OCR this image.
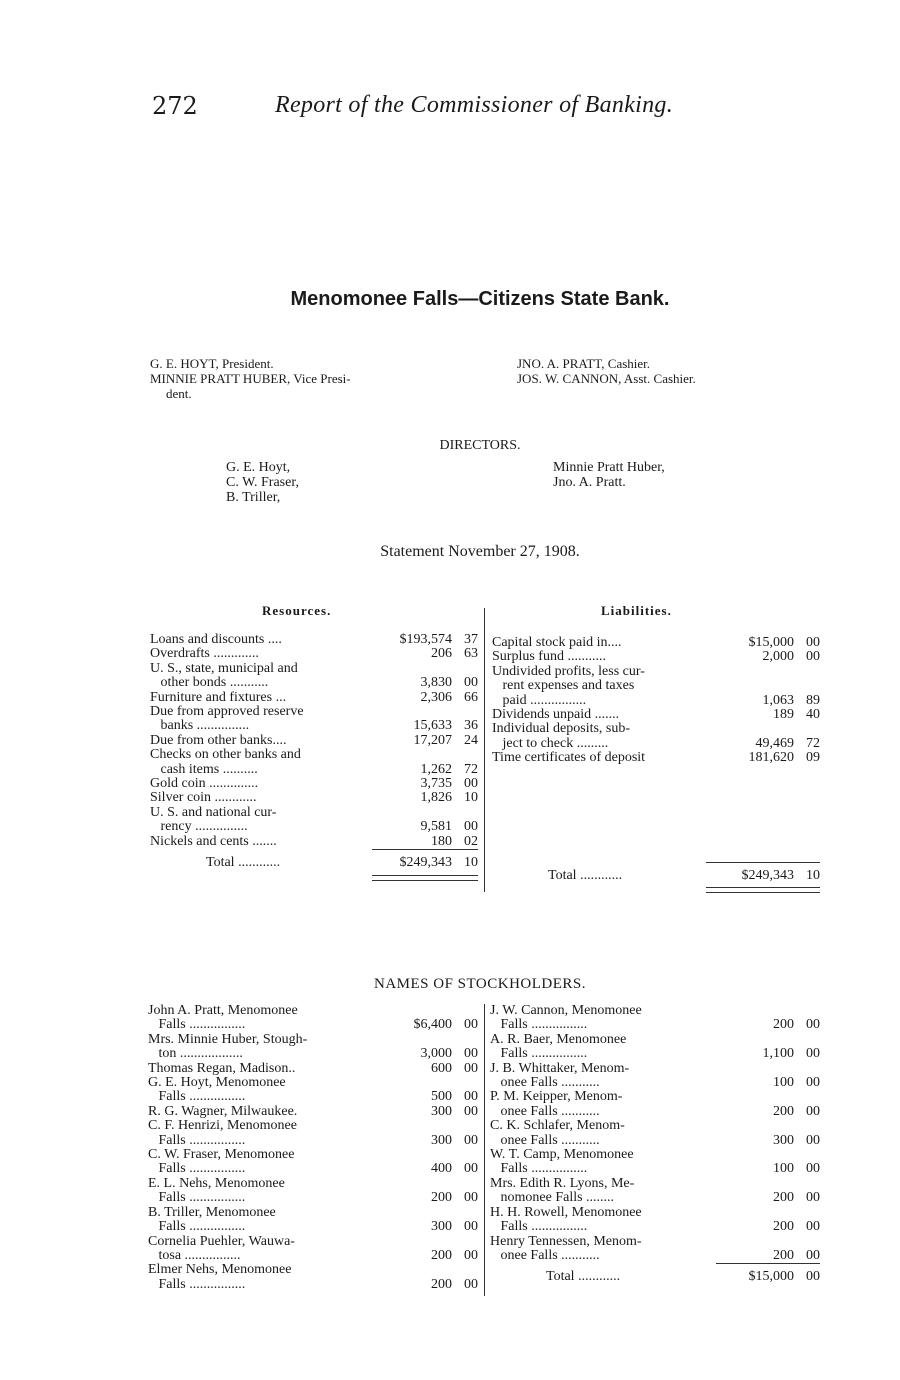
272	Report of the Commissioner of Banking.
Menomonee Falls—Citizens State Bank.
G. E. HOYT, President.
MINNIE PRATT HUBER, Vice Presi-
dent.
JNO. A. PRATT, Cashier.
JOS. W. CANNON, Asst. Cashier.
DIRECTORS.
G. E. Hoyt,
C. W. Fraser,
B. Triller,
Minnie Pratt Huber,
Jno. A. Pratt.
Statement November 27, 1908.
Resources.	Liabilities.
Loans and discounts ....	$193,574	37
Overdrafts .............	206	63
U. S., state, municipal and		
other bonds ...........	3,830	00
Furniture and fixtures ...	2,306	66
Due from approved reserve		
banks ...............	15,633	36
Due from other banks....	17,207	24
Checks on other banks and		
cash items ..........	1,262	72
Gold coin ..............	3,735	00
Silver coin ............	1,826	10
U. S. and national cur-		
rency ...............	9,581	00
Nickels and cents .......	180	02
Total ............	$249,343	10

Capital stock paid in....	$15,000	00
Surplus fund ...........	2,000	00
Undivided profits, less cur-		
rent expenses and taxes		
paid ................	1,063	89
Dividends unpaid .......	189	40
Individual deposits, sub-		
ject to check .........	49,469	72
Time certificates of deposit	181,620	09
Total ............	$249,343	10

NAMES OF STOCKHOLDERS.
John A. Pratt, Menomonee		
Falls ................	$6,400	00
Mrs. Minnie Huber, Stough-		
ton ..................	3,000	00
Thomas Regan, Madison..	600	00
G. E. Hoyt, Menomonee		
Falls ................	500	00
R. G. Wagner, Milwaukee.	300	00
C. F. Henrizi, Menomonee		
Falls ................	300	00
C. W. Fraser, Menomonee		
Falls ................	400	00
E. L. Nehs, Menomonee		
Falls ................	200	00
B. Triller, Menomonee		
Falls ................	300	00
Cornelia Puehler, Wauwa-		
tosa ................	200	00
Elmer Nehs, Menomonee		
Falls ................	200	00
J. W. Cannon, Menomonee		
Falls ................	200	00
A. R. Baer, Menomonee		
Falls ................	1,100	00
J. B. Whittaker, Menom-		
onee Falls ...........	100	00
P. M. Keipper, Menom-		
onee Falls ...........	200	00
C. K. Schlafer, Menom-		
onee Falls ...........	300	00
W. T. Camp, Menomonee		
Falls ................	100	00
Mrs. Edith R. Lyons, Me-		
nomonee Falls ........	200	00
H. H. Rowell, Menomonee		
Falls ................	200	00
Henry Tennessen, Menom-		
onee Falls ...........	200	00
Total ............	$15,000	00
